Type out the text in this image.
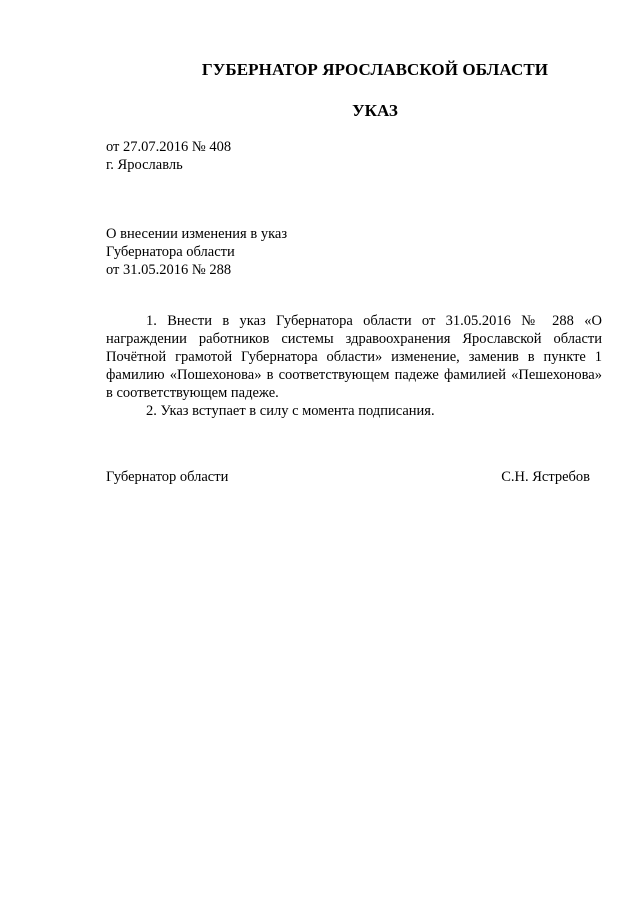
ГУБЕРНАТОР ЯРОСЛАВСКОЙ ОБЛАСТИ
УКАЗ
от 27.07.2016 № 408
г. Ярославль
О внесении изменения в указ
Губернатора области
от 31.05.2016 № 288

1. Внести в указ Губернатора области от 31.05.2016 № 288 «О награждении работников системы здравоохранения Ярославской области Почётной грамотой Губернатора области» изменение, заменив в пункте 1 фамилию «Пошехонова» в соответствующем падеже фамилией «Пешехонова» в соответствующем падеже.

2. Указ вступает в силу с момента подписания.

Губернатор области	С.Н. Ястребов
